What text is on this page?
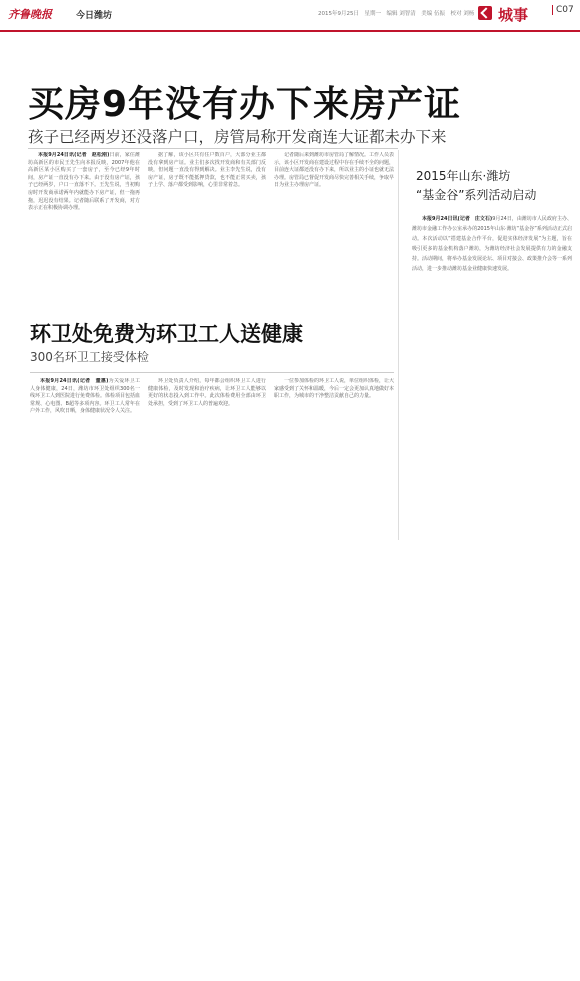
齐鲁晚报	今日潍坊	2015年9月25日　星期一　编辑 刘智清　美编 伍振　校对 刘杨 城事	C07
买房9年没有办下来房产证
孩子已经两岁还没落户口，房管局称开发商连大证都未办下来

本报9月24日讯(记者　赵松刚)日前，家住潍坊高新区的市民王先生向本报反映，2007年他在高新区某小区购买了一套房子，至今已经9年时间，房产证一直没有办下来。由于没有房产证，孩子已经两岁，户口一直落不下。王先生说，当初购房时开发商承诺两年内就能办下房产证，但一拖再拖，迟迟没有结果。记者随后联系了开发商，对方表示正在积极协调办理。

据了解，该小区共有住户数百户，大部分业主都没有拿到房产证。业主们多次找开发商和有关部门反映，但问题一直没有得到解决。业主李先生说，没有房产证，房子既不能抵押贷款，也不能正常买卖，孩子上学、落户都受到影响，心里非常着急。

记者随后来到潍坊市房管局了解情况。工作人员表示，该小区开发商在建设过程中存在手续不全的问题，目前连大证都还没有办下来，所以业主的小证也就无法办理。房管局已督促开发商尽快完善相关手续，争取早日为业主办理房产证。

2015年山东·潍坊
“基金谷”系列活动启动

本报9月24日讯(记者　庄文石)9月24日，由潍坊市人民政府主办、潍坊市金融工作办公室承办的2015年山东·潍坊“基金谷”系列活动正式启动。本次活动以“搭建基金合作平台，促进实体经济发展”为主题，旨在吸引更多的基金机构落户潍坊，为潍坊经济社会发展提供有力的金融支持。活动期间，将举办基金发展论坛、项目对接会、政策推介会等一系列活动，进一步推动潍坊基金业健康快速发展。

环卫处免费为环卫工人送健康
300名环卫工接受体检

本报9月24日讯(记者　董惠)为关爱环卫工人身体健康，24日，潍坊市环卫处组织300名一线环卫工人到医院进行免费体检。体检项目包括血常规、心电图、B超等多项内容。环卫工人常年在户外工作，风吹日晒，身体健康状况令人关注。

环卫处负责人介绍，每年都会组织环卫工人进行健康体检，及时发现和治疗疾病，让环卫工人能够以更好的状态投入到工作中。此次体检费用全部由环卫处承担，受到了环卫工人的普遍欢迎。

一位参加体检的环卫工人说，单位组织体检，让大家感受到了关怀和温暖，今后一定会更加认真地做好本职工作，为城市的干净整洁贡献自己的力量。
